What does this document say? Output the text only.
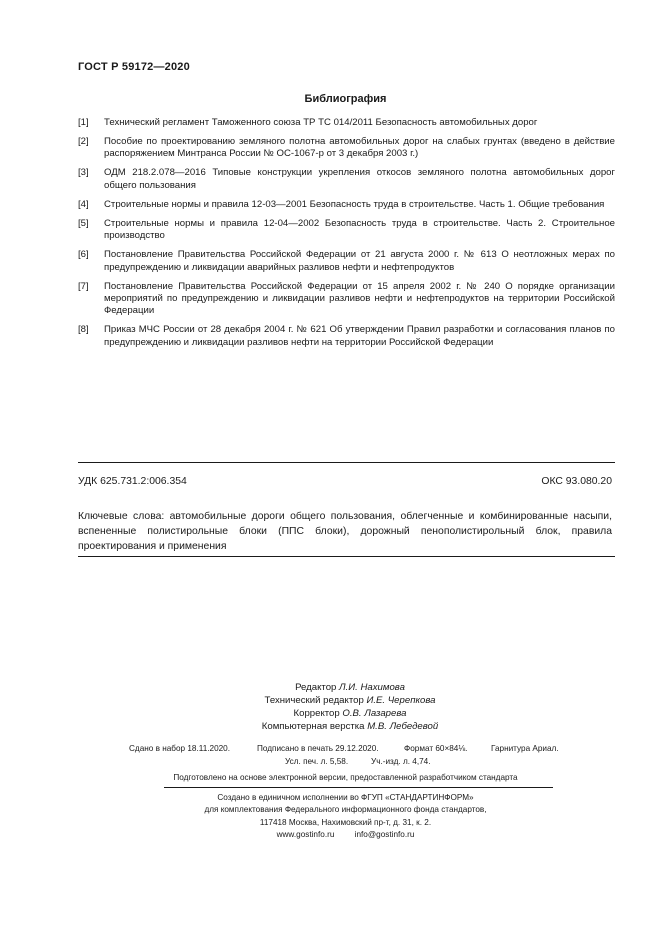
ГОСТ Р 59172—2020
Библиография
[1]	Технический регламент Таможенного союза ТР ТС 014/2011 Безопасность автомобильных дорог
[2]	Пособие по проектированию земляного полотна автомобильных дорог на слабых грунтах (введено в действие распоряжением Минтранса России № ОС-1067-р от 3 декабря 2003 г.)
[3]	ОДМ 218.2.078—2016 Типовые конструкции укрепления откосов земляного полотна автомобильных дорог общего пользования
[4]	Строительные нормы и правила 12-03—2001 Безопасность труда в строительстве. Часть 1. Общие требования
[5]	Строительные нормы и правила 12-04—2002 Безопасность труда в строительстве. Часть 2. Строительное производство
[6]	Постановление Правительства Российской Федерации от 21 августа 2000 г. № 613 О неотложных мерах по предупреждению и ликвидации аварийных разливов нефти и нефтепродуктов
[7]	Постановление Правительства Российской Федерации от 15 апреля 2002 г. № 240 О порядке организации мероприятий по предупреждению и ликвидации разливов нефти и нефтепродуктов на территории Российской Федерации
[8]	Приказ МЧС России от 28 декабря 2004 г. № 621 Об утверждении Правил разработки и согласования планов по предупреждению и ликвидации разливов нефти на территории Российской Федерации
УДК 625.731.2:006.354	ОКС 93.080.20
Ключевые слова: автомобильные дороги общего пользования, облегченные и комбинированные насыпи, вспененные полистирольные блоки (ППС блоки), дорожный пенополистирольный блок, правила проектирования и применения
Редактор Л.И. Нахимова
Технический редактор И.Е. Черепкова
Корректор О.В. Лазарева
Компьютерная верстка М.В. Лебедевой
Сдано в набор 18.11.2020.	Подписано в печать 29.12.2020.	Формат 60×84⅛.	Гарнитура Ариал.
Усл. печ. л. 5,58.	Уч.-изд. л. 4,74.
Подготовлено на основе электронной версии, предоставленной разработчиком стандарта
Создано в единичном исполнении во ФГУП «СТАНДАРТИНФОРМ»
для комплектования Федерального информационного фонда стандартов,
117418 Москва, Нахимовский пр-т, д. 31, к. 2.
www.gostinfo.ru info@gostinfo.ru
